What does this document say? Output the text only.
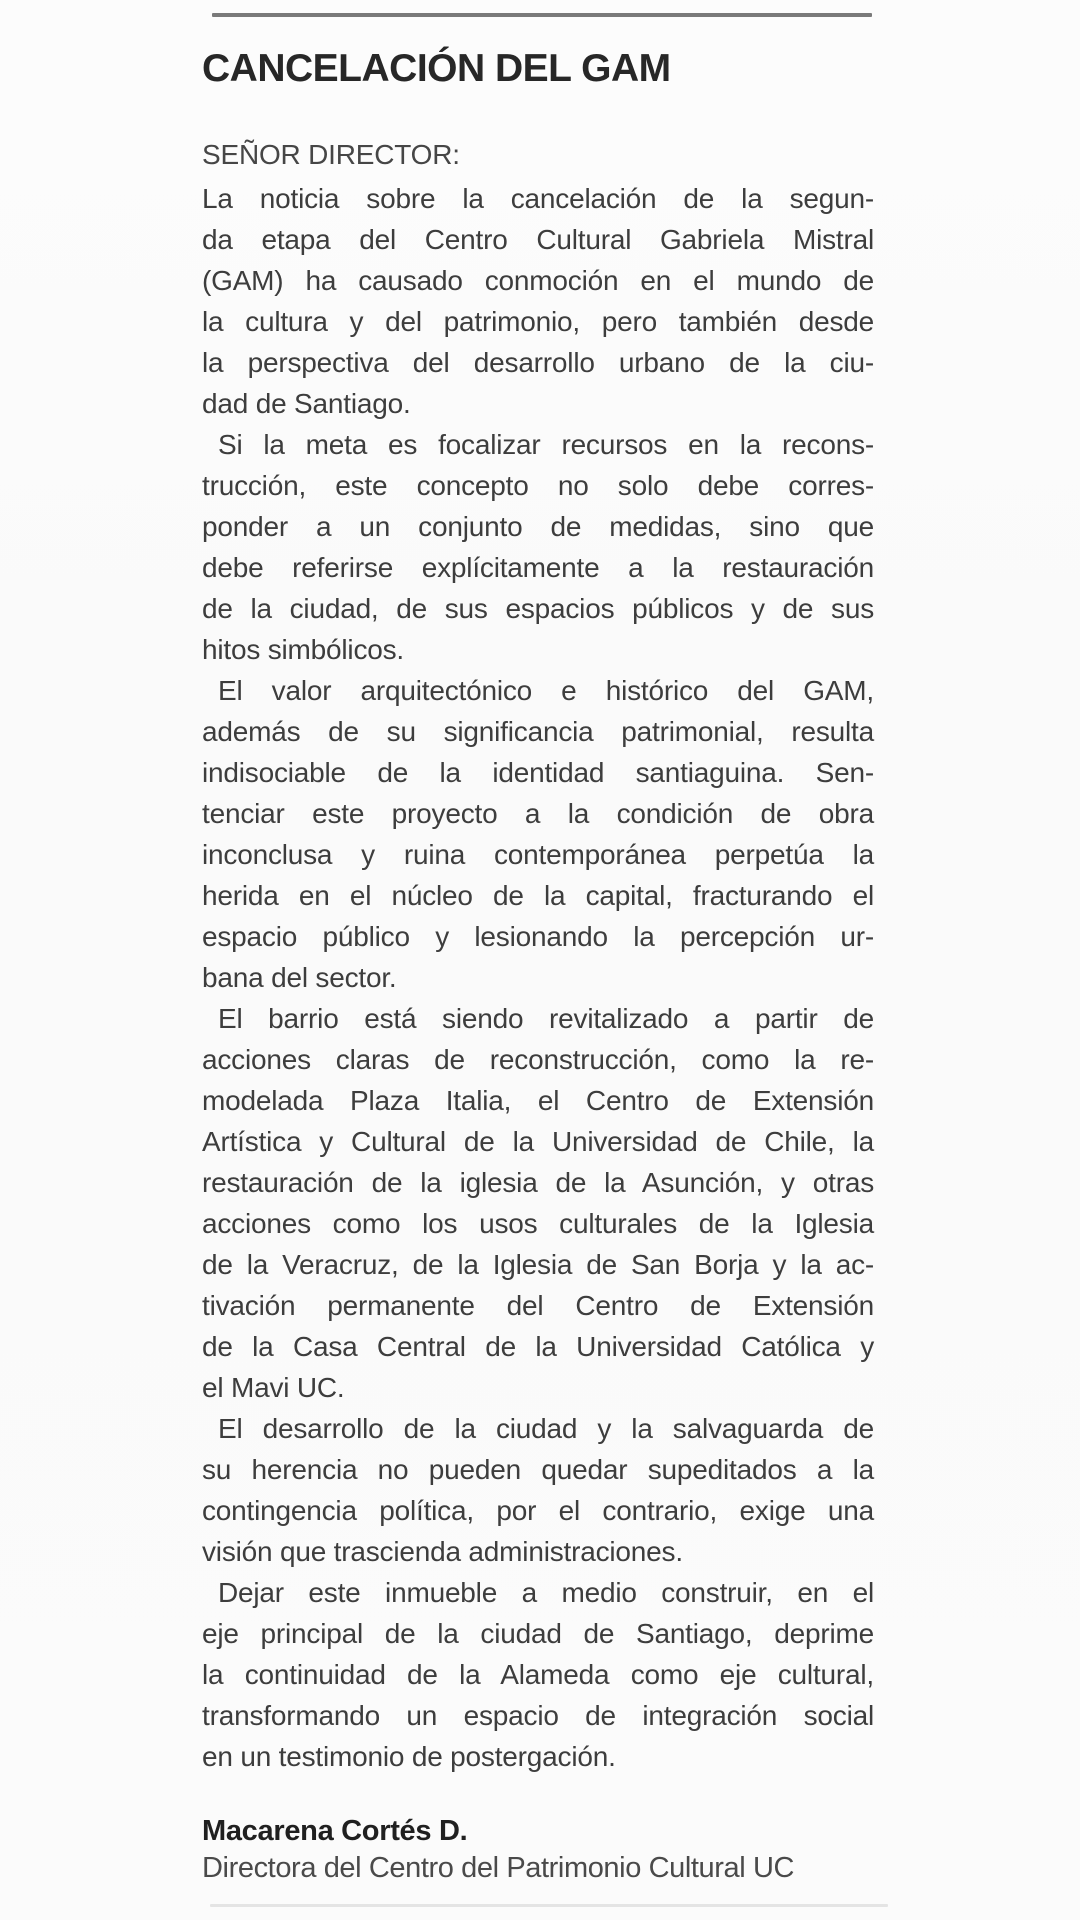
CANCELACIÓN DEL GAM
SEÑOR DIRECTOR:
La noticia sobre la cancelación de la segun-
da etapa del Centro Cultural Gabriela Mistral
(GAM) ha causado conmoción en el mundo de
la cultura y del patrimonio, pero también desde
la perspectiva del desarrollo urbano de la ciu-
dad de Santiago.
Si la meta es focalizar recursos en la recons-
trucción, este concepto no solo debe corres-
ponder a un conjunto de medidas, sino que
debe referirse explícitamente a la restauración
de la ciudad, de sus espacios públicos y de sus
hitos simbólicos.
El valor arquitectónico e histórico del GAM,
además de su significancia patrimonial, resulta
indisociable de la identidad santiaguina. Sen-
tenciar este proyecto a la condición de obra
inconclusa y ruina contemporánea perpetúa la
herida en el núcleo de la capital, fracturando el
espacio público y lesionando la percepción ur-
bana del sector.
El barrio está siendo revitalizado a partir de
acciones claras de reconstrucción, como la re-
modelada Plaza Italia, el Centro de Extensión
Artística y Cultural de la Universidad de Chile, la
restauración de la iglesia de la Asunción, y otras
acciones como los usos culturales de la Iglesia
de la Veracruz, de la Iglesia de San Borja y la ac-
tivación permanente del Centro de Extensión
de la Casa Central de la Universidad Católica y
el Mavi UC.
El desarrollo de la ciudad y la salvaguarda de
su herencia no pueden quedar supeditados a la
contingencia política, por el contrario, exige una
visión que trascienda administraciones.
Dejar este inmueble a medio construir, en el
eje principal de la ciudad de Santiago, deprime
la continuidad de la Alameda como eje cultural,
transformando un espacio de integración social
en un testimonio de postergación.
Macarena Cortés D.
Directora del Centro del Patrimonio Cultural UC
